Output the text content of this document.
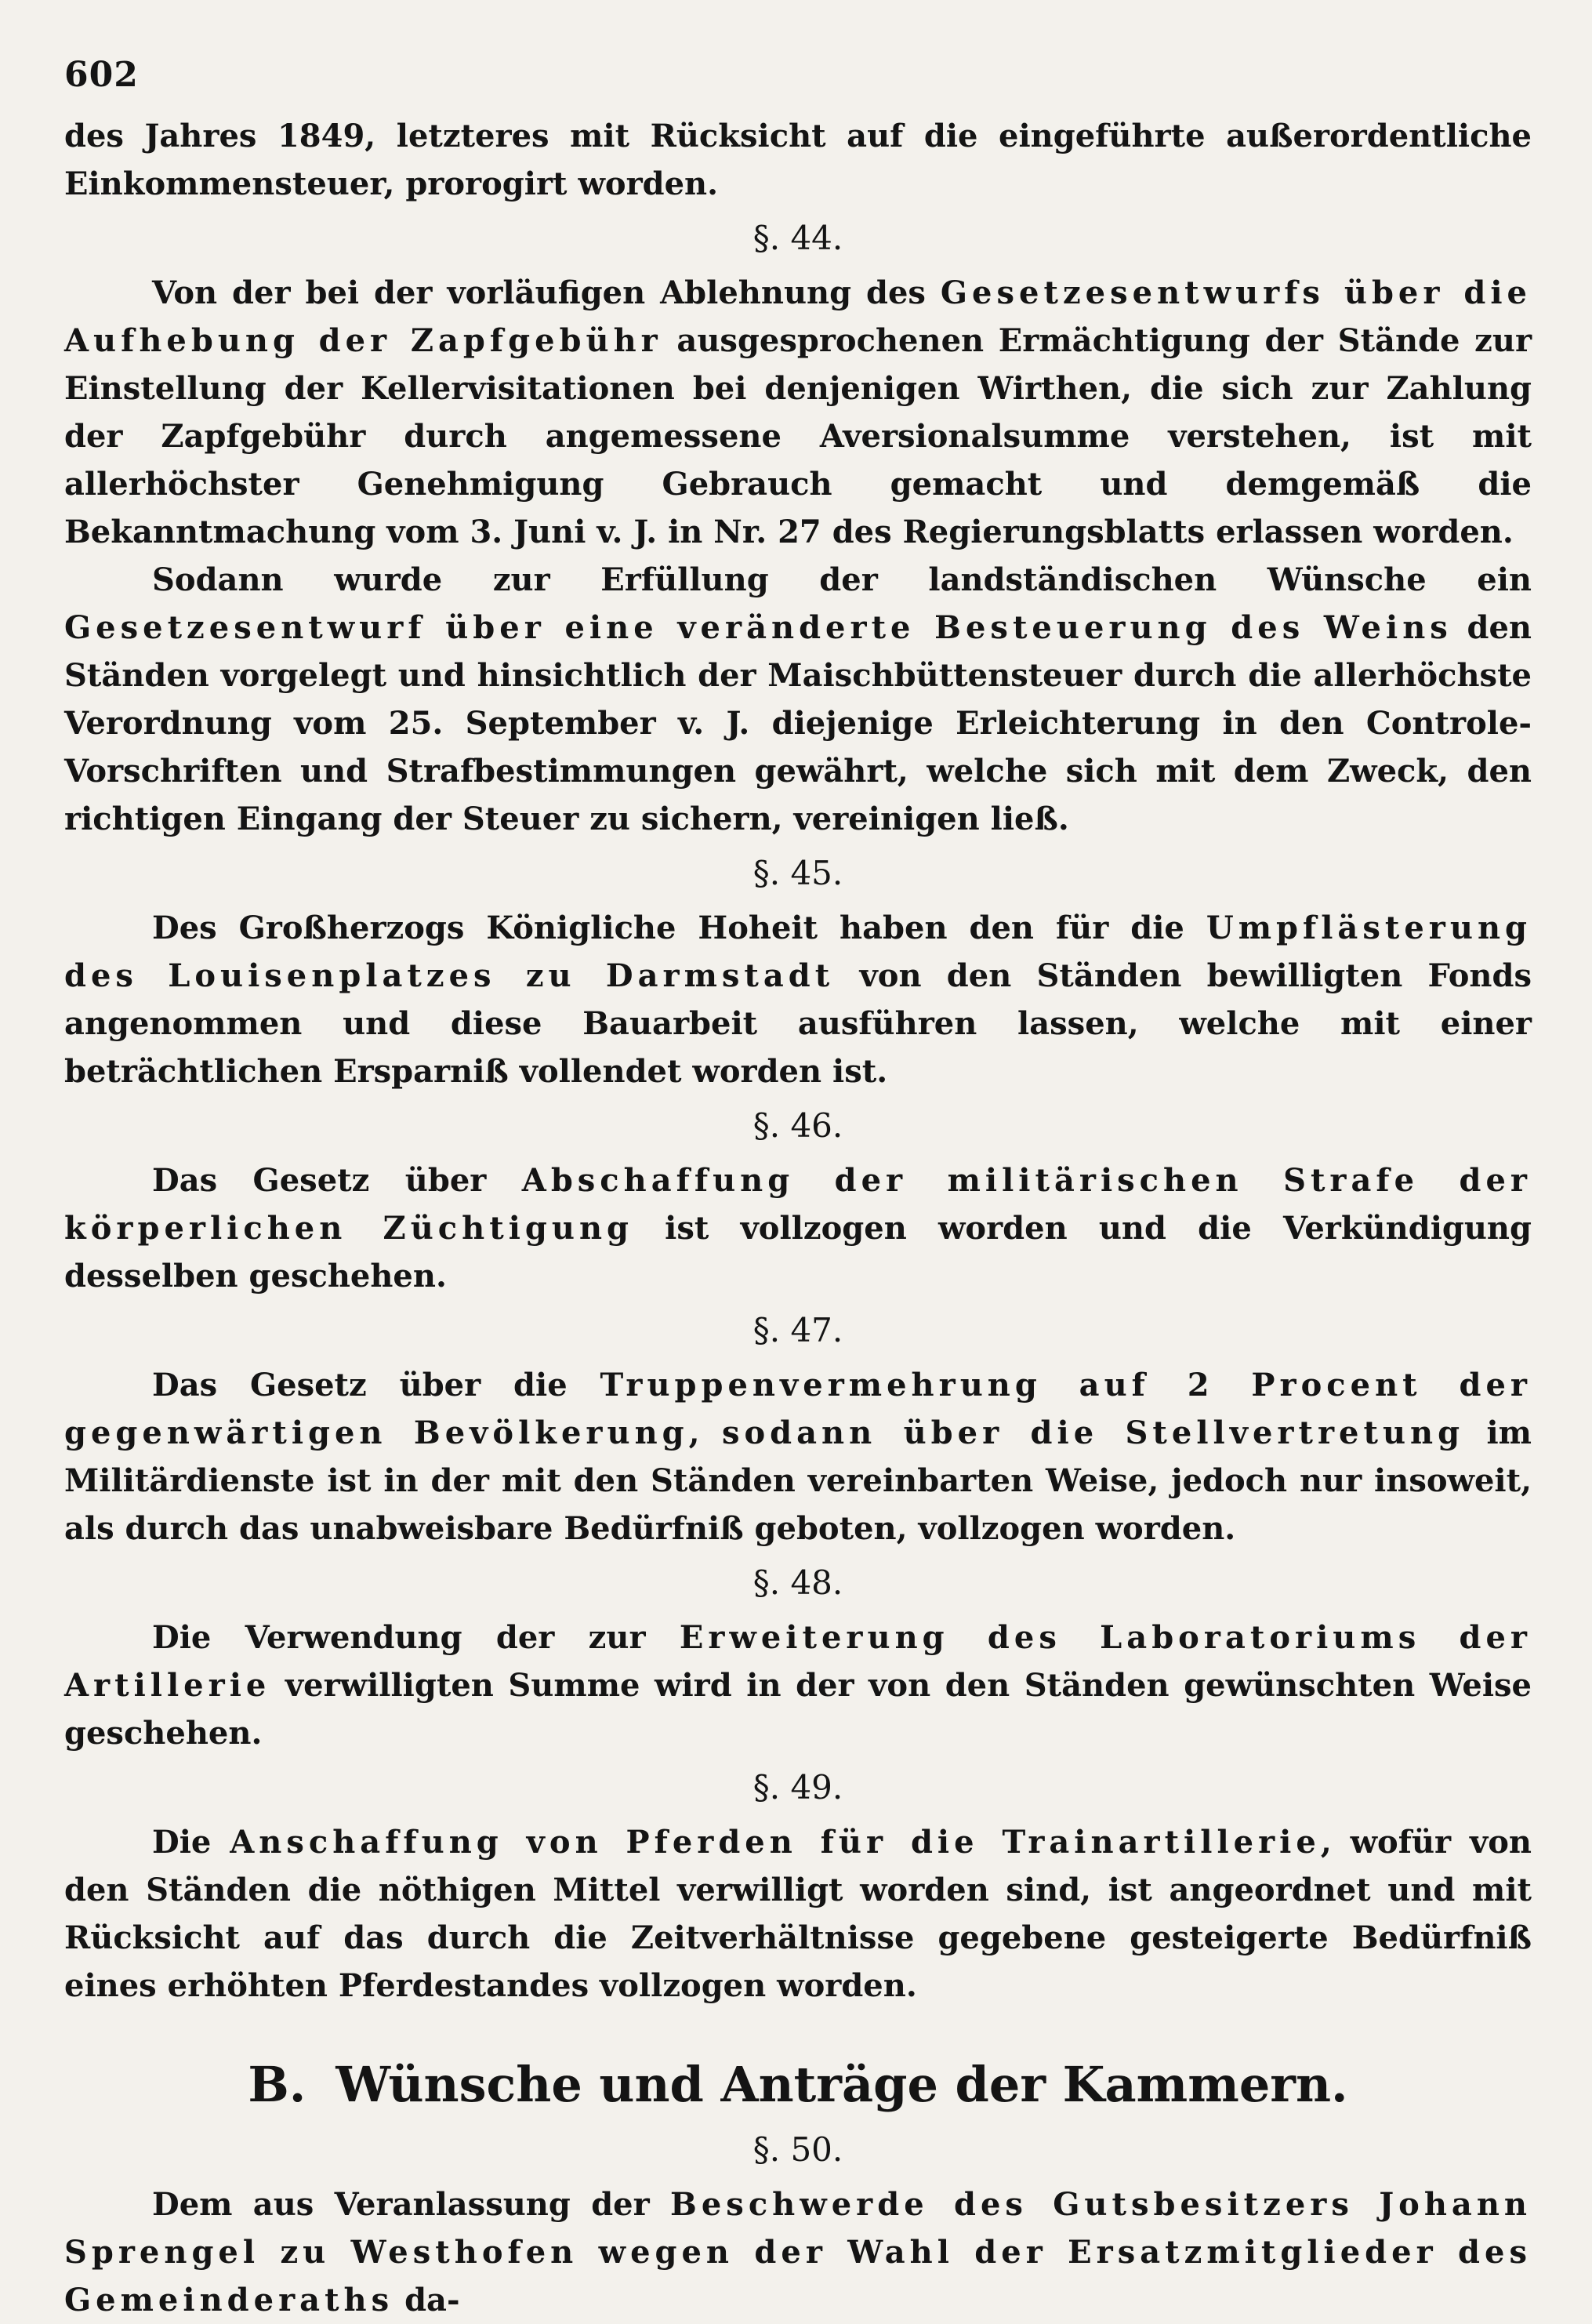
602

des Jahres 1849, letzteres mit Rücksicht auf die eingeführte außerordentliche Einkommensteuer, prorogirt worden.

§. 44.

Von der bei der vorläufigen Ablehnung des Gesetzesentwurfs über die Aufhebung der Zapfgebühr ausgesprochenen Ermächtigung der Stände zur Einstellung der Kellervisitationen bei denjenigen Wirthen, die sich zur Zahlung der Zapfgebühr durch angemessene Aversionalsumme verstehen, ist mit allerhöchster Genehmigung Gebrauch gemacht und demgemäß die Bekanntmachung vom 3. Juni v. J. in Nr. 27 des Regierungsblatts erlassen worden.

Sodann wurde zur Erfüllung der landständischen Wünsche ein Gesetzesentwurf über eine veränderte Besteuerung des Weins den Ständen vorgelegt und hinsichtlich der Maischbüttensteuer durch die allerhöchste Verordnung vom 25. September v. J. diejenige Erleichterung in den Controle-Vorschriften und Strafbestimmungen gewährt, welche sich mit dem Zweck, den richtigen Eingang der Steuer zu sichern, vereinigen ließ.

§. 45.

Des Großherzogs Königliche Hoheit haben den für die Umpflästerung des Louisenplatzes zu Darmstadt von den Ständen bewilligten Fonds angenommen und diese Bauarbeit ausführen lassen, welche mit einer beträchtlichen Ersparniß vollendet worden ist.

§. 46.

Das Gesetz über Abschaffung der militärischen Strafe der körperlichen Züchtigung ist vollzogen worden und die Verkündigung desselben geschehen.

§. 47.

Das Gesetz über die Truppenvermehrung auf 2 Procent der gegenwärtigen Bevölkerung, sodann über die Stellvertretung im Militärdienste ist in der mit den Ständen vereinbarten Weise, jedoch nur insoweit, als durch das unabweisbare Bedürfniß geboten, vollzogen worden.

§. 48.

Die Verwendung der zur Erweiterung des Laboratoriums der Artillerie verwilligten Summe wird in der von den Ständen gewünschten Weise geschehen.

§. 49.

Die Anschaffung von Pferden für die Trainartillerie, wofür von den Ständen die nöthigen Mittel verwilligt worden sind, ist angeordnet und mit Rücksicht auf das durch die Zeitverhältnisse gegebene gesteigerte Bedürfniß eines erhöhten Pferdestandes vollzogen worden.

B. Wünsche und Anträge der Kammern.
§. 50.

Dem aus Veranlassung der Beschwerde des Gutsbesitzers Johann Sprengel zu Westhofen wegen der Wahl der Ersatzmitglieder des Gemeinderaths da-
